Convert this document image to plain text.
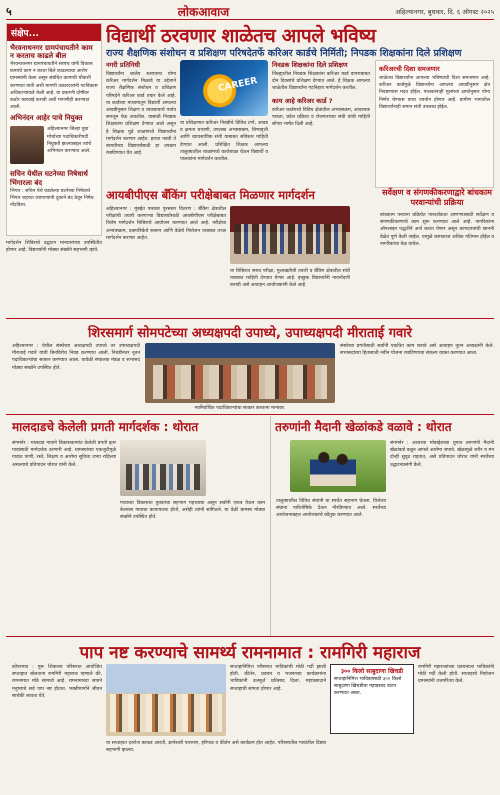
५	लोकआवाज	अहिल्यानगर, बुधवार, दि. ६ ऑगस्ट २०२५
संक्षेप...
भैरवनाथनगर ग्रामपंचायतीने काम न करताच काढले बील
भैरवनाथनगर ग्रामपंचायतीने सरपंच यांनी विकास कामांचे काम न करता बिले काढल्याचा आरोप ग्रामस्थांनी केला असून संबंधित कामाची चौकशी करण्यात यावी अशी मागणी तक्रारदारांनी गटविकास अधिकाऱ्यांकडे केली आहे. या प्रकरणी दोषींवर कठोर कारवाई करावी अशी मागणीही करण्यात आली.
अभिनंदन आहेर पाचे नियुक्त
अहिल्यानगर जिल्हा युवा मोर्चाच्या पदाधिकारीपदी नियुक्ती झाल्याबद्दल त्यांचे अभिनंदन करण्यात आले.
सचिन येथील घटनेच्या निषेधार्थ भिंगारला बंद
भिंगार : सचिन येथे घडलेल्या घटनेच्या निषेधार्थ भिंगार शहरात व्यापाऱ्यांनी दुकाने बंद ठेवून निषेध नोंदविला.
विद्यार्थी ठरवणार शाळेतच आपले भविष्य
राज्य शैक्षणिक संशोधन व प्रशिक्षण परिषदेतर्फे करिअर कार्डचे निर्मिती; निपडक शिक्षकांना दिले प्रशिक्षण
नगरी प्रतिनिधी
विद्यार्थ्यांना शालेय स्तरावरच योग्य करिअर मार्गदर्शन मिळावे या उद्देशाने राज्य शैक्षणिक संशोधन व प्रशिक्षण परिषदेने करिअर कार्ड तयार केले आहे. या कार्डच्या माध्यमातून विद्यार्थी आपल्या आवडीनुसार शिक्षण व व्यवसायाचे पर्याय समजून घेऊ शकतील. यासाठी निवडक शिक्षकांना प्रशिक्षण देण्यात आले असून हे शिक्षक पुढे शाळांमध्ये विद्यार्थ्यांना मार्गदर्शन करणार आहेत. इयत्ता नववी ते बारावीच्या विद्यार्थ्यांसाठी हा उपक्रम राबविण्यात येत आहे.
CAREER
या प्रशिक्षणात करिअर निवडीचे विविध टप्पे, आवड व क्षमता चाचणी, उपलब्ध अभ्यासक्रम, शिष्यवृत्ती आणि व्यावसायिक संधी याबाबत सविस्तर माहिती देण्यात आली. प्रशिक्षित शिक्षक आपल्या तालुक्यातील शाळांमध्ये कार्यशाळा घेऊन विद्यार्थी व पालकांना मार्गदर्शन करतील.
निवडक शिक्षकांना दिले प्रशिक्षण
जिल्ह्यातील निवडक शिक्षकांना करिअर कार्ड वापराबाबत दोन दिवसांचे प्रशिक्षण देण्यात आले. हे शिक्षक आपल्या शाळेतील विद्यार्थ्यांना गटनिहाय मार्गदर्शन करतील.
काय आहे करिअर कार्ड ?
करिअर कार्डमध्ये विविध क्षेत्रांतील अभ्यासक्रम, आवश्यक पात्रता, प्रवेश प्रक्रिया व रोजगाराच्या संधी यांची माहिती सोप्या भाषेत दिली आहे.
करिअरची दिशा समजणार
शाळेतच विद्यार्थ्यांना आपल्या भविष्याची दिशा समजणार आहे. करिअर कार्डमुळे विद्यार्थ्यांना आपल्या आवडीनुसार क्षेत्र निवडण्यास मदत होईल. पालकांनाही मुलांच्या क्षमतेनुसार योग्य निर्णय घेण्यास याचा उपयोग होणार आहे. ग्रामीण भागातील विद्यार्थ्यांनाही समान संधी उपलब्ध होईल.
आयबीपीएस बँकिंग परीक्षेबाबत मिळणार मार्गदर्शन
अहिल्यानगर : मुंबईत पत्रकार पुरस्कार वितरण : बँकिंग क्षेत्रातील परीक्षांची तयारी करणाऱ्या विद्यार्थ्यांसाठी आयबीपीएस परीक्षेबाबत विशेष मार्गदर्शन शिबिराचे आयोजन करण्यात आले आहे. परीक्षेचा अभ्यासक्रम, प्रश्नपत्रिकेचे स्वरूप आणि वेळेचे नियोजन याबाबत तज्ज्ञ मार्गदर्शन करणार आहेत.
या शिबिरात सराव परीक्षा, मुलाखतीची तयारी व बँकिंग क्षेत्रातील संधी याबाबत माहिती देण्यात येणार आहे. इच्छुक विद्यार्थ्यांनी नावनोंदणी करावी असे आवाहन आयोजकांनी केले आहे.
मार्गदर्शन शिबिराचे उद्घाटन मान्यवरांच्या उपस्थितीत होणार आहे. विद्यार्थ्यांनी मोठ्या संख्येने सहभागी व्हावे.
सर्वेक्षण व संगणकीकरणाद्वारे बांधकाम परवान्यांची प्रक्रिया
बांधकाम परवाना प्रक्रियेत पारदर्शकता आणण्यासाठी सर्वेक्षण व संगणकीकरणाचे काम सुरू करण्यात आले आहे. नागरिकांना ऑनलाइन पद्धतीने अर्ज करता येणार असून कागदपत्रांची छाननी वेळेत पूर्ण केली जाईल. यामुळे कामकाज अधिक गतिमान होईल व नागरिकांचा वेळ वाचेल.
शिरसमार्ग सोमपटेच्या अध्यक्षपदी उपाध्ये, उपाध्यक्षपदी मीराताई गवारे
अहिल्यानगर : येथील संस्थेच्या अध्यक्षपदी उपाध्ये तर उपाध्यक्षपदी मीराताई गवारे यांची बिनविरोध निवड करण्यात आली. निवडीनंतर नूतन पदाधिकाऱ्यांचा सत्कार करण्यात आला. यावेळी संचालक मंडळ व सभासद मोठ्या संख्येने उपस्थित होते.
नवनिर्वाचित पदाधिकाऱ्यांचा सत्कार करताना मान्यवर.
संस्थेच्या प्रगतीसाठी सर्वांनी एकत्रित काम करावे असे आवाहन नूतन अध्यक्षांनी केले. सभासदांच्या हितासाठी नवीन योजना राबविण्याचा संकल्प व्यक्त करण्यात आला.
मालदाडचे केलेली प्रगती मार्गदर्शक : थोरात
संगमनेर : मालदाड गावाने विकासकामांत केलेली प्रगती इतर गावांसाठी मार्गदर्शक ठरणारी आहे. ग्रामस्थांच्या एकजुटीमुळे गावात पाणी, रस्ते, शिक्षण व आरोग्य सुविधा उभ्या राहिल्या असल्याचे प्रतिपादन थोरात यांनी केले.
गावाच्या विकासात युवकांचा सहभाग महत्त्वाचा असून सर्वांनी एकत्र येऊन काम केल्यास गावाचा कायापालट होतो, असेही त्यांनी सांगितले. या वेळी ग्रामस्थ मोठ्या संख्येने उपस्थित होते.
तरुणांनी मैदानी खेळांकडे वळावे : थोरात
संगमनेर : आजच्या मोबाईलच्या युगात तरुणांनी मैदानी खेळांकडे वळून आपले आरोग्य जपावे. खेळामुळे शरीर व मन दोन्ही सुदृढ राहतात, असे प्रतिपादन थोरात यांनी स्पर्धेच्या उद्घाटनप्रसंगी केले.
तालुक्यातील विविध संघांनी या स्पर्धेत सहभाग घेतला. विजेत्या संघांना पारितोषिके देऊन गौरविण्यात आले. स्पर्धेच्या आयोजनाबद्दल आयोजकांचे कौतुक करण्यात आले.
पाप नष्ट करण्याचे सामर्थ्य रामनामात : रामगिरी महाराज
कोपरगाव : गुरू शिवालय परिसरात आयोजित सप्ताहात बोलताना रामगिरी महाराज म्हणाले की, रामनामात मोठे सामर्थ्य आहे. रामनामाच्या जपाने मनुष्याचे सर्व पाप नष्ट होतात. भक्तीमार्गाने जीवन सार्थकी लावता येते.
सप्ताहानिमित्त परिसरात भाविकांची मोठी गर्दी झाली होती. कीर्तन, प्रवचन व भजनाच्या कार्यक्रमांना भाविकांनी उत्स्फूर्त प्रतिसाद दिला. महाप्रसादाने सप्ताहाची सांगता होणार आहे.
या सप्ताहात दररोज काकड आरती, ज्ञानेश्वरी पारायण, हरिपाठ व कीर्तन असे कार्यक्रम होत आहेत. परिसरातील गावांतील दिंड्या सहभागी झाल्या.
३०० किलो साबुदाणा खिचडी

सप्ताहानिमित्त भाविकांसाठी ३०० किलो साबुदाणा खिचडीचा महाप्रसाद वाटप करण्यात आला.

रामगिरी महाराजांच्या प्रवचनाला भाविकांनी मोठी गर्दी केली होती. सप्ताहाचे नियोजन ग्रामस्थांनी उत्तमरित्या केले.
